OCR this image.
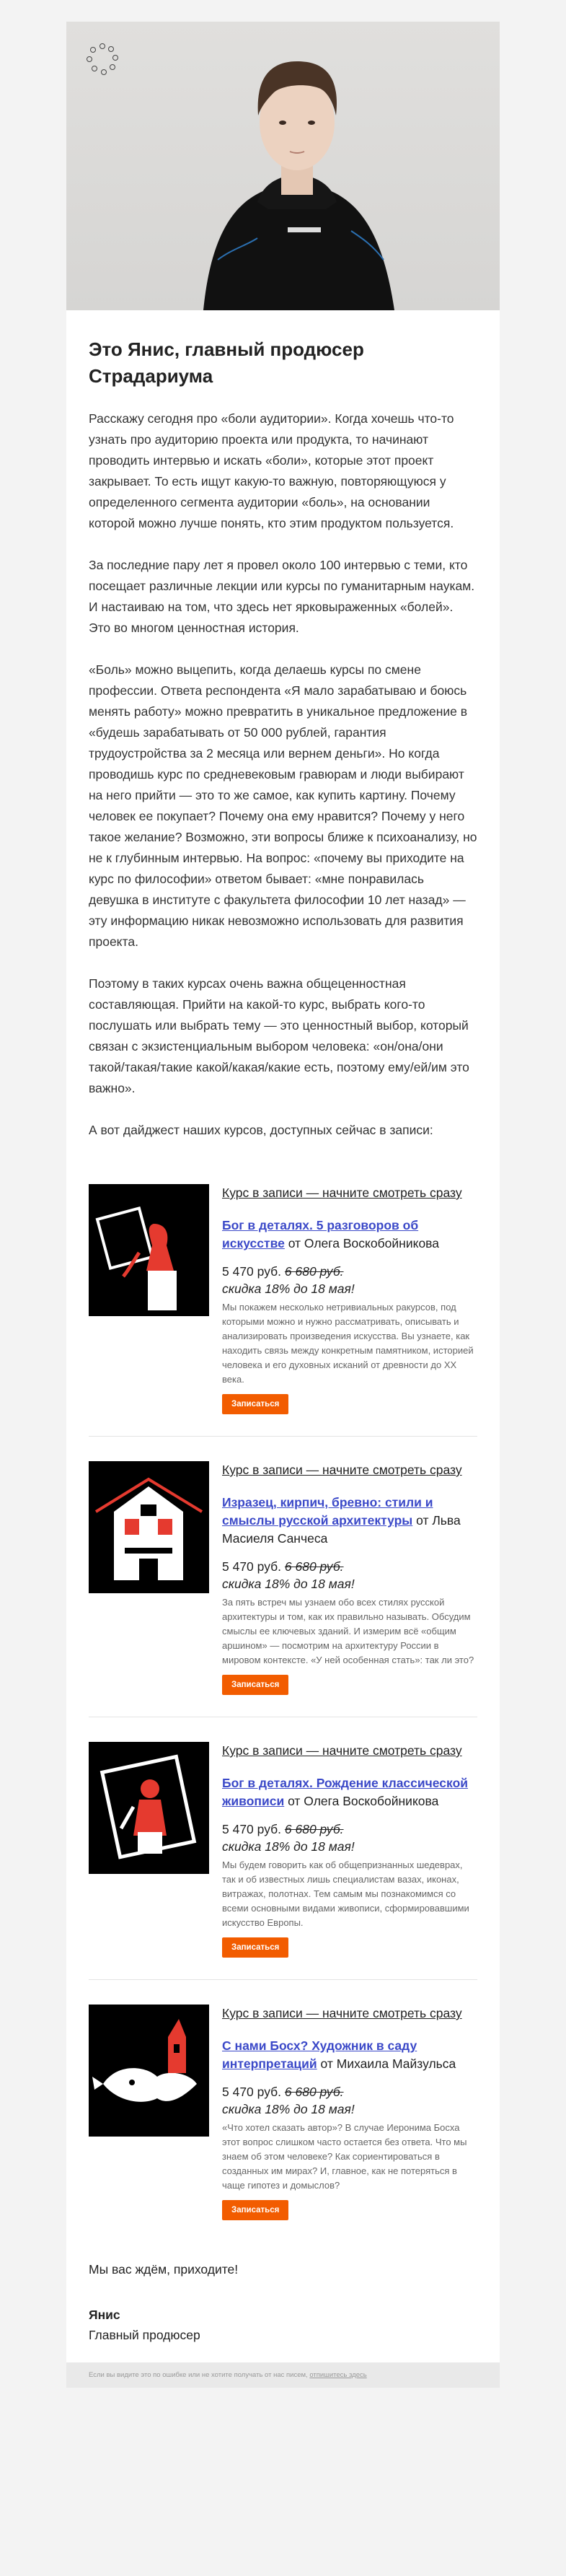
Это Янис, главный продюсер Страдариума

Расскажу сегодня про «боли аудитории». Когда хочешь что-то узнать про аудиторию проекта или продукта, то начинают проводить интервью и искать «боли», которые этот проект закрывает. То есть ищут какую-то важную, повторяющуюся у определенного сегмента аудитории «боль», на основании которой можно лучше понять, кто этим продуктом пользуется.

За последние пару лет я провел около 100 интервью с теми, кто посещает различные лекции или курсы по гуманитарным наукам. И настаиваю на том, что здесь нет ярковыраженных «болей». Это во многом ценностная история.

«Боль» можно выцепить, когда делаешь курсы по смене профессии. Ответа респондента «Я мало зарабатываю и боюсь менять работу» можно превратить в уникальное предложение в «будешь зарабатывать от 50 000 рублей, гарантия трудоустройства за 2 месяца или вернем деньги». Но когда проводишь курс по средневековым гравюрам и люди выбирают на него прийти — это то же самое, как купить картину. Почему человек ее покупает? Почему она ему нравится? Почему у него такое желание? Возможно, эти вопросы ближе к психоанализу, но не к глубинным интервью. На вопрос: «почему вы приходите на курс по философии» ответом бывает: «мне понравилась девушка в институте с факультета философии 10 лет назад» — эту информацию никак невозможно использовать для развития проекта.

Поэтому в таких курсах очень важна общеценностная составляющая. Прийти на какой-то курс, выбрать кого-то послушать или выбрать тему — это ценностный выбор, который связан с экзистенциальным выбором человека: «он/она/они такой/такая/такие какой/какая/какие есть, поэтому ему/ей/им это важно».

А вот дайджест наших курсов, доступных сейчас в записи:

Курс в записи — начните смотреть сразу
Бог в деталях. 5 разговоров об искусстве от Олега Воскобойникова
5 470 руб. 6 680 руб.
скидка 18% до 18 мая!
Мы покажем несколько нетривиальных ракурсов, под которыми можно и нужно рассматривать, описывать и анализировать произведения искусства. Вы узнаете, как находить связь между конкретным памятником, историей человека и его духовных исканий от древности до XX века.
Записаться
Курс в записи — начните смотреть сразу
Изразец, кирпич, бревно: стили и смыслы русской архитектуры от Льва Масиеля Санчеса
5 470 руб. 6 680 руб.
скидка 18% до 18 мая!
За пять встреч мы узнаем обо всех стилях русской архитектуры и том, как их правильно называть. Обсудим смыслы ее ключевых зданий. И измерим всё «общим аршином» — посмотрим на архитектуру России в мировом контексте. «У ней особенная стать»: так ли это?
Записаться
Курс в записи — начните смотреть сразу
Бог в деталях. Рождение классической живописи от Олега Воскобойникова
5 470 руб. 6 680 руб.
скидка 18% до 18 мая!
Мы будем говорить как об общепризнанных шедеврах, так и об известных лишь специалистам вазах, иконах, витражах, полотнах. Тем самым мы познакомимся со всеми основными видами живописи, сформировавшими искусство Европы.
Записаться
Курс в записи — начните смотреть сразу
С нами Босх? Художник в саду интерпретаций от Михаила Майзульса
5 470 руб. 6 680 руб.
скидка 18% до 18 мая!
«Что хотел сказать автор»? В случае Иеронима Босха этот вопрос слишком часто остается без ответа. Что мы знаем об этом человеке? Как сориентироваться в созданных им мирах? И, главное, как не потеряться в чаще гипотез и домыслов?
Записаться

Мы вас ждём, приходите!

Янис
Главный продюсер
Если вы видите это по ошибке или не хотите получать от нас писем, отпишитесь здесь
